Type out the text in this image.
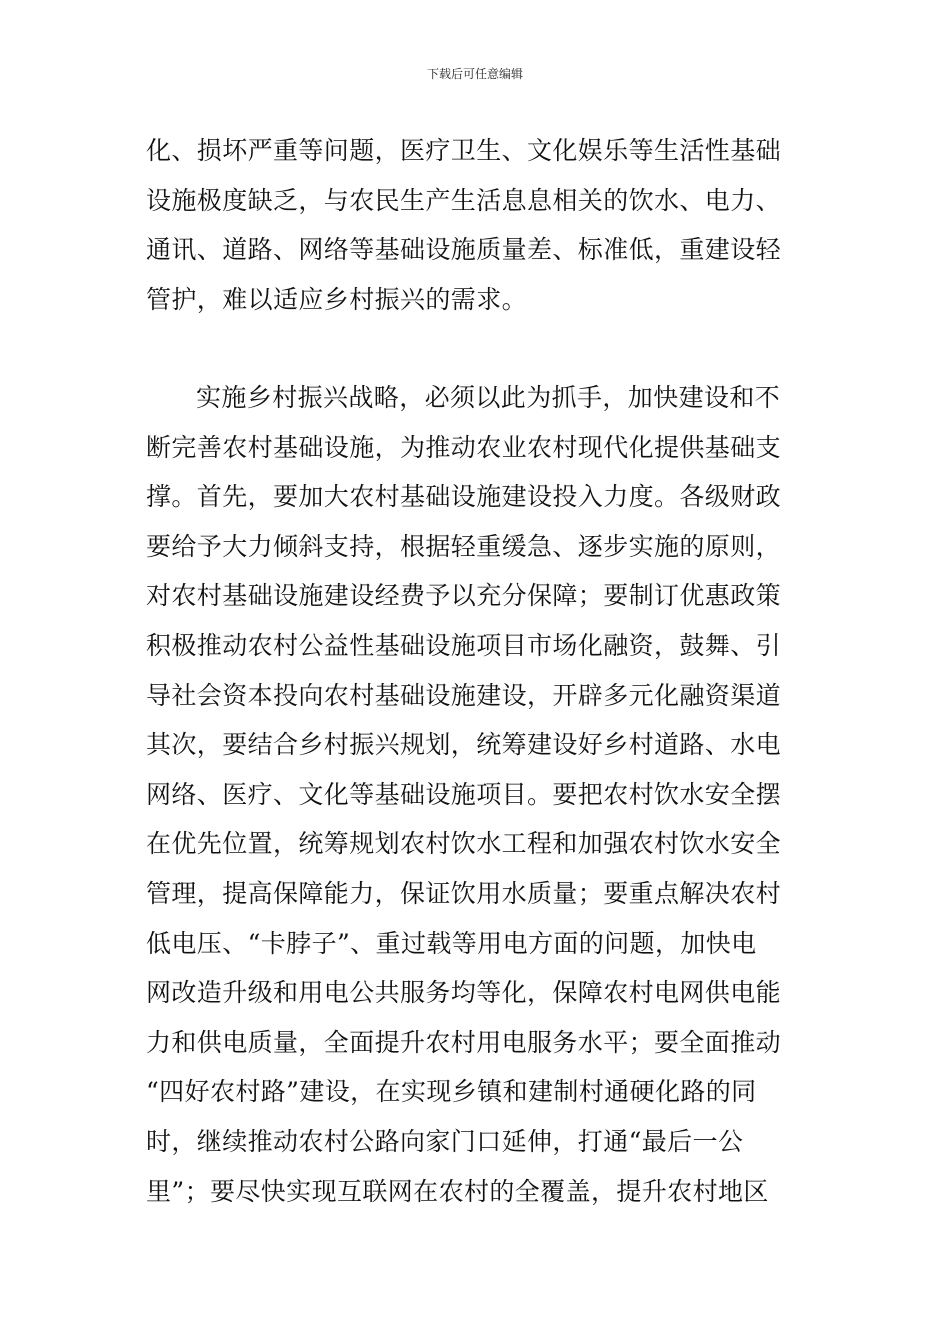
下载后可任意编辑
化、损坏严重等问题，医疗卫生、文化娱乐等生活性基础
设施极度缺乏，与农民生产生活息息相关的饮水、电力、
通讯、道路、网络等基础设施质量差、标准低，重建设轻
管护，难以适应乡村振兴的需求。
实施乡村振兴战略，必须以此为抓手，加快建设和不
断完善农村基础设施，为推动农业农村现代化提供基础支
撑。首先，要加大农村基础设施建设投入力度。各级财政
要给予大力倾斜支持，根据轻重缓急、逐步实施的原则，
对农村基础设施建设经费予以充分保障；要制订优惠政策
积极推动农村公益性基础设施项目市场化融资，鼓舞、引
导社会资本投向农村基础设施建设，开辟多元化融资渠道
其次，要结合乡村振兴规划，统筹建设好乡村道路、水电
网络、医疗、文化等基础设施项目。要把农村饮水安全摆
在优先位置，统筹规划农村饮水工程和加强农村饮水安全
管理，提高保障能力，保证饮用水质量；要重点解决农村
低电压、“卡脖子”、重过载等用电方面的问题，加快电
网改造升级和用电公共服务均等化，保障农村电网供电能
力和供电质量，全面提升农村用电服务水平；要全面推动
“四好农村路”建设，在实现乡镇和建制村通硬化路的同
时，继续推动农村公路向家门口延伸，打通“最后一公
里”；要尽快实现互联网在农村的全覆盖，提升农村地区
